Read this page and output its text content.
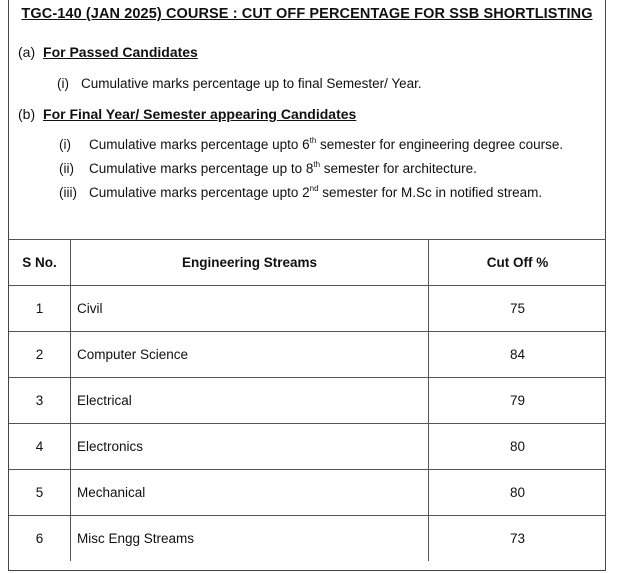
TGC-140 (JAN 2025) COURSE : CUT OFF PERCENTAGE FOR SSB SHORTLISTING
(a) For Passed Candidates
(i) Cumulative marks percentage up to final Semester/ Year.
(b) For Final Year/ Semester appearing Candidates
(i) Cumulative marks percentage upto 6th semester for engineering degree course.
(ii) Cumulative marks percentage up to 8th semester for architecture.
(iii) Cumulative marks percentage upto 2nd semester for M.Sc in notified stream.
S No.	Engineering Streams	Cut Off %
1	Civil	75
2	Computer Science	84
3	Electrical	79
4	Electronics	80
5	Mechanical	80
6	Misc Engg Streams	73
